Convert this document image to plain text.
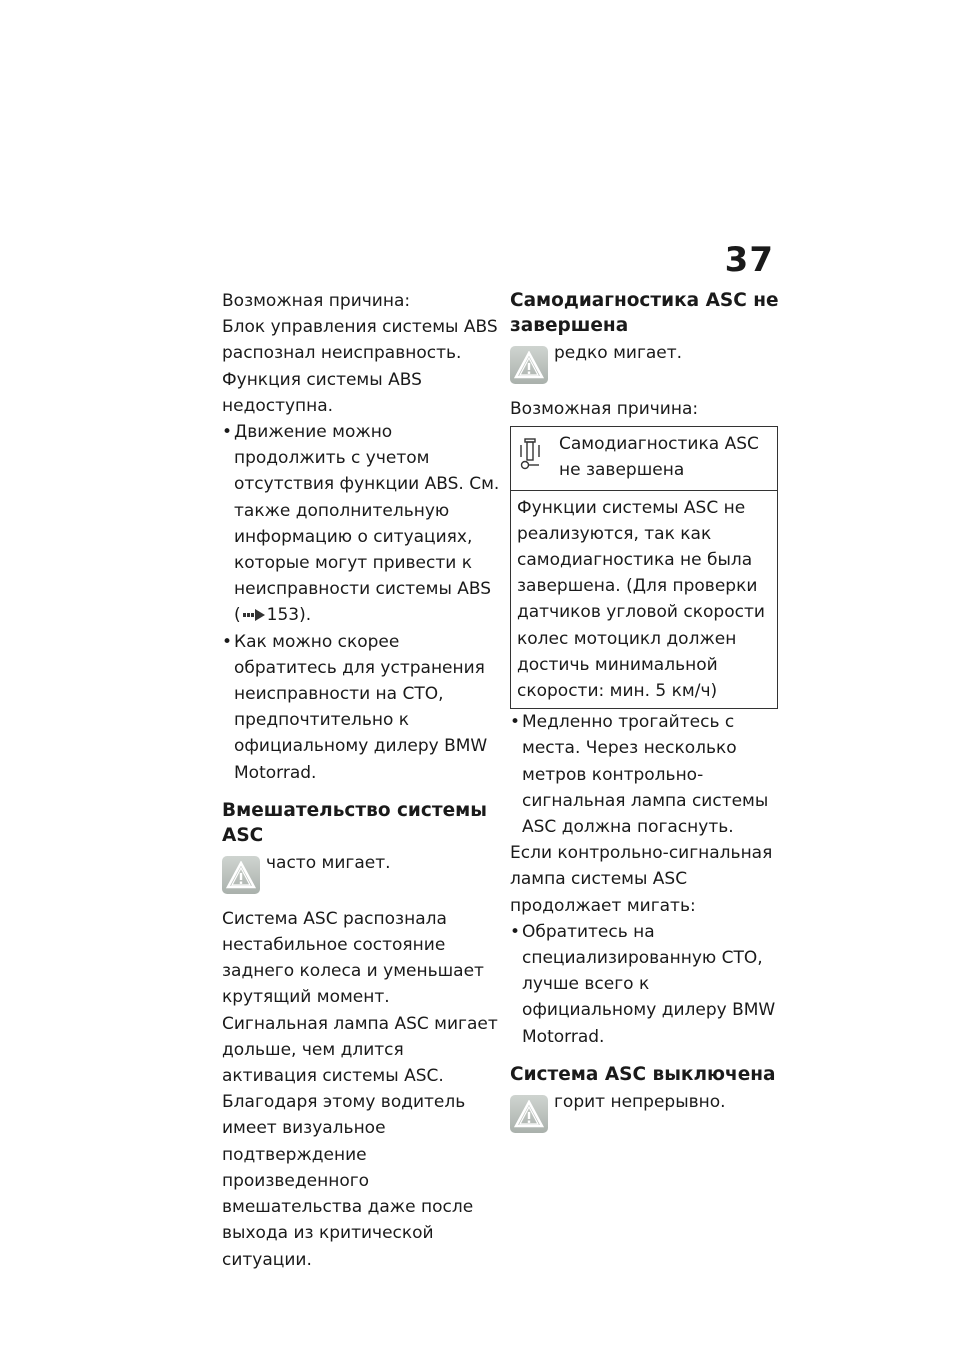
37

Возможная причина:

Блок управления системы ABS распознал неисправность. Функция системы ABS недоступна.

• Движение можно продолжить с учетом отсутствия функции ABS. См. также дополнительную информацию о ситуациях, которые могут привести к неисправности системы ABS ( 153).
• Как можно скорее обратитесь для устранения неисправности на СТО, предпочтительно к официальному дилеру BMW Motorrad.
Вмешательство системы ASC
часто мигает.

Система ASC распознала нестабильное состояние заднего колеса и уменьшает крутящий момент. Сигнальная лампа ASC мигает дольше, чем длится активация системы ASC. Благодаря этому водитель имеет визуальное подтверждение произведенного вмешательства даже после выхода из критической ситуации.

Самодиагностика ASC не завершена
редко мигает.

Возможная причина:

Самодиагностика ASC не завершена
Функции системы ASC не реализуются, так как самодиагностика не была завершена. (Для проверки датчиков угловой скорости колес мотоцикл должен достичь минимальной скорости: мин. 5 км/ч)
• Медленно трогайтесь с места. Через несколько метров контрольно-сигнальная лампа системы ASC должна погаснуть.

Если контрольно-сигнальная лампа системы ASC продолжает мигать:

• Обратитесь на специализированную СТО, лучше всего к официальному дилеру BMW Motorrad.
Система ASC выключена
горит непрерывно.
